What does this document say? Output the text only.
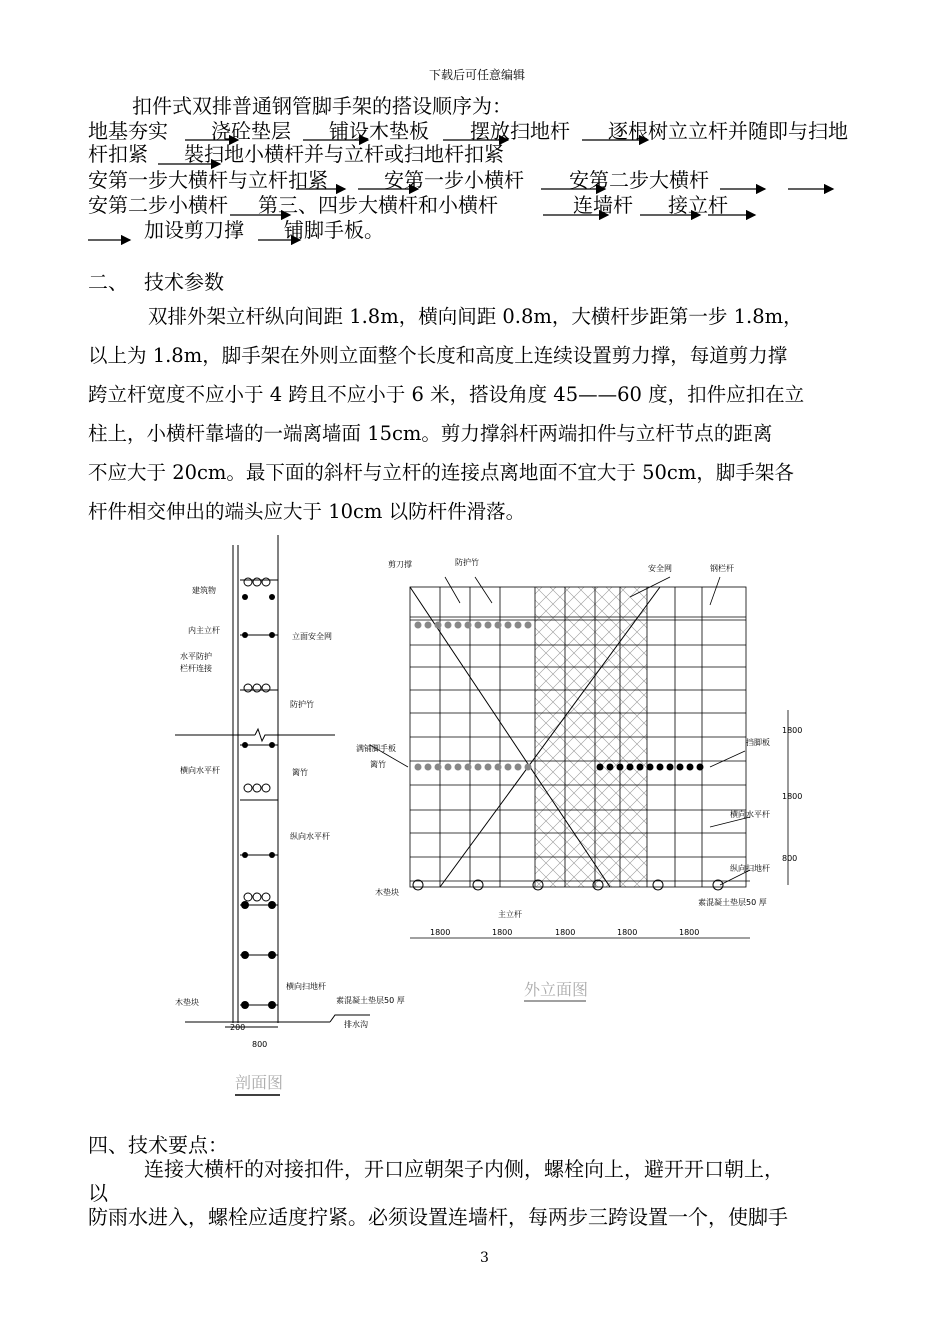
下载后可任意编辑
扣件式双排普通钢管脚手架的搭设顺序为：
地基夯实 浇砼垫层 铺设木垫板 摆放扫地杆 逐根树立立杆并随即与扫地
杆扣紧 裝扫地小横杆并与立杆或扫地杆扣紧
安第一步大横杆与立杆扣紧	安第一步小横杆 安第二步大横杆
安第二步小横杆 第三、四步大横杆和小横杆	连墙杆 接立杆
加设剪刀撑 铺脚手板。
二、 技术参数
双排外架立杆纵向间距 1.8m，横向间距 0.8m，大横杆步距第一步 1.8m，
以上为 1.8m，脚手架在外则立面整个长度和高度上连续设置剪力撑，每道剪力撑
跨立杆宽度不应小于 4 跨且不应小于 6 米，搭设角度 45——60 度，扣件应扣在立
柱上，小横杆靠墙的一端离墙面 15cm。剪力撑斜杆两端扣件与立杆节点的距离
不应大于 20cm。最下面的斜杆与立杆的连接点离地面不宜大于 50cm，脚手架各
杆件相交伸出的端头应大于 10cm 以防杆件滑落。
建筑物
内主立杆
水平防护
栏杆连接
立面安全网
防护竹
横向水平杆	篱竹
纵向水平杆
横向扫地杆
木垫块	素混凝土垫层50 厚
排水沟
200
800
剖面图
剪刀撑	防护竹
安全网	钢栏杆
满铺脚手板
篱竹
挡脚板
横向水平杆
纵向扫地杆
木垫块
主立杆
素混凝土垫层50 厚
1800	1800	1800	1800	1800
1800
1800
800
外立面图
四、技术要点：
连接大横杆的对接扣件，开口应朝架子内侧，螺栓向上，避开开口朝上，
以
防雨水进入，螺栓应适度拧紧。必须设置连墙杆，每两步三跨设置一个，使脚手
3
